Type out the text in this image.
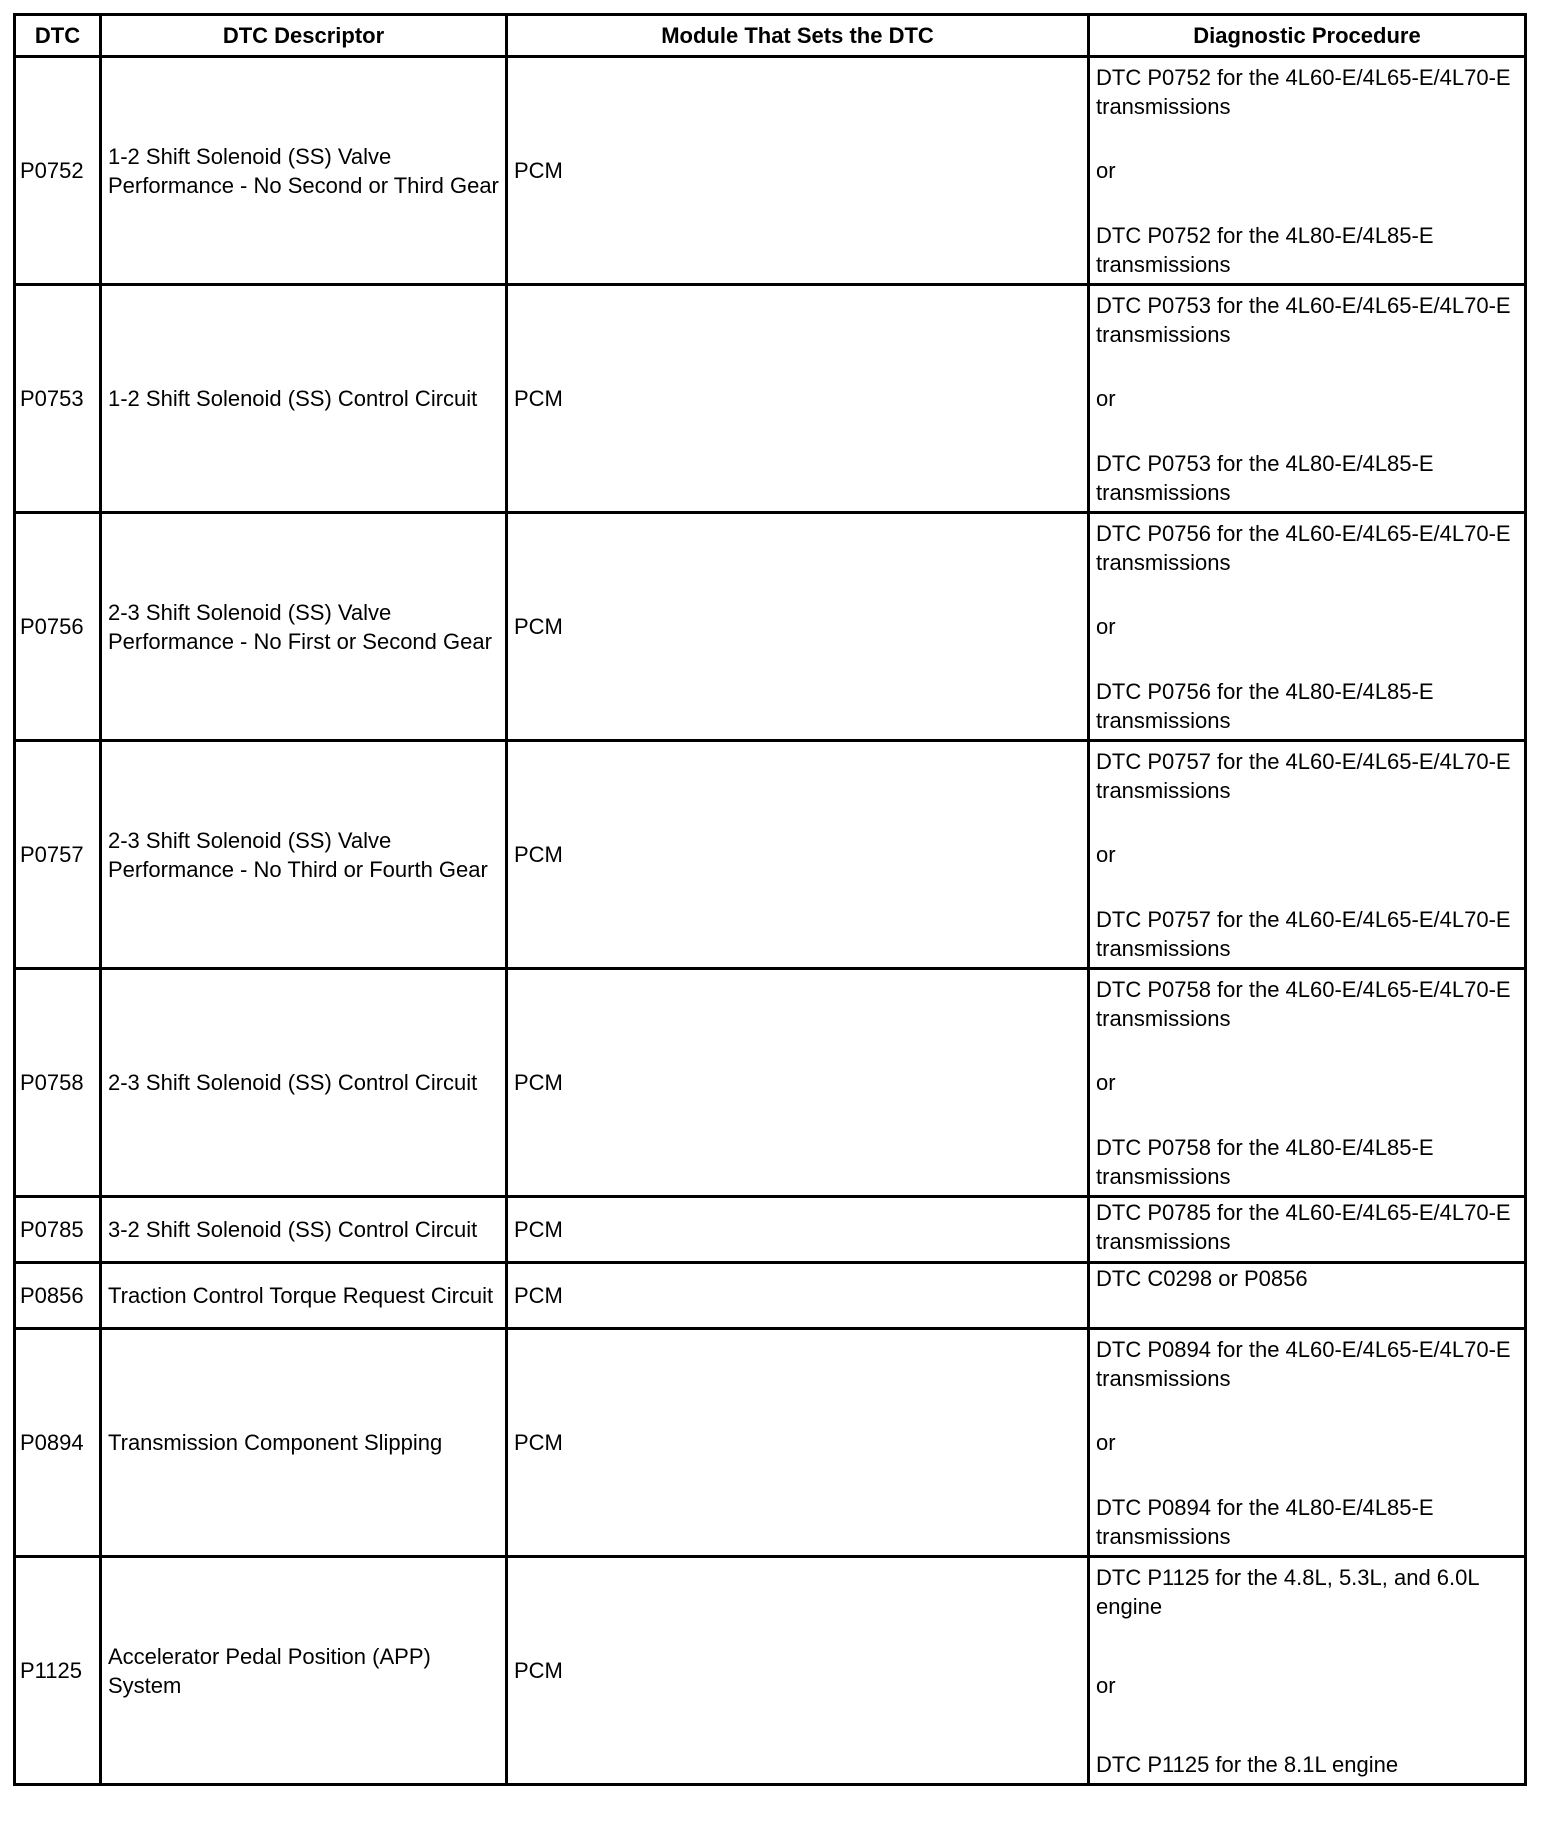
DTC	DTC Descriptor	Module That Sets the DTC	Diagnostic Procedure
P0752	1-2 Shift Solenoid (SS) Valve Performance - No Second or Third Gear	PCM	DTC P0752 for the 4L60-E/4L65-E/4L70-E transmissions
or
DTC P0752 for the 4L80-E/4L85-E transmissions

P0753	1-2 Shift Solenoid (SS) Control Circuit	PCM	DTC P0753 for the 4L60-E/4L65-E/4L70-E transmissions
or
DTC P0753 for the 4L80-E/4L85-E transmissions

P0756	2-3 Shift Solenoid (SS) Valve Performance - No First or Second Gear	PCM	DTC P0756 for the 4L60-E/4L65-E/4L70-E transmissions
or
DTC P0756 for the 4L80-E/4L85-E transmissions

P0757	2-3 Shift Solenoid (SS) Valve Performance - No Third or Fourth Gear	PCM	DTC P0757 for the 4L60-E/4L65-E/4L70-E transmissions
or
DTC P0757 for the 4L60-E/4L65-E/4L70-E transmissions

P0758	2-3 Shift Solenoid (SS) Control Circuit	PCM	DTC P0758 for the 4L60-E/4L65-E/4L70-E transmissions
or
DTC P0758 for the 4L80-E/4L85-E transmissions

P0785	3-2 Shift Solenoid (SS) Control Circuit	PCM	DTC P0785 for the 4L60-E/4L65-E/4L70-E transmissions

P0856	Traction Control Torque Request Circuit	PCM	DTC C0298 or P0856

P0894	Transmission Component Slipping	PCM	DTC P0894 for the 4L60-E/4L65-E/4L70-E transmissions
or
DTC P0894 for the 4L80-E/4L85-E transmissions

P1125	Accelerator Pedal Position (APP) System	PCM	DTC P1125 for the 4.8L, 5.3L, and 6.0L engine
or
DTC P1125 for the 8.1L engine
